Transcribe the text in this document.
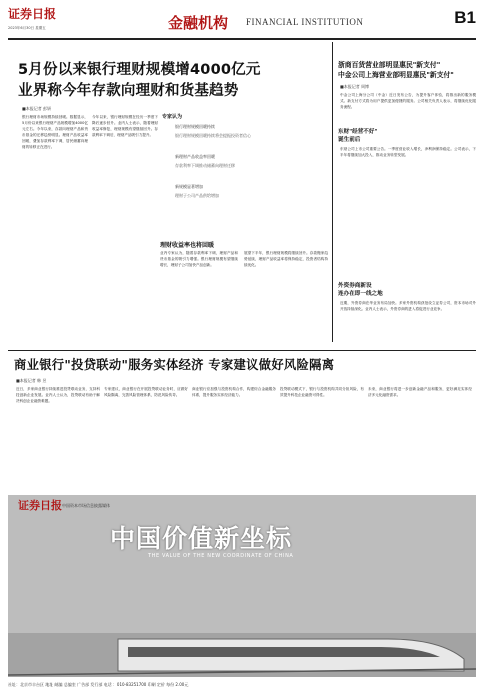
证券日报
2023年6月30日 星期五	金融机构 FINANCIAL INSTITUTION	B1
5月份以来银行理财规模增4000亿元
业界称今年存款向理财和货基趋势
■本报记者 彭妍
银行理财市场规模持续回暖。数据显示，5月份以来银行理财产品规模增加4000亿元左右。今年以来，存款向理财产品和货币基金的迁移趋势明显。理财产品收益率回暖，叠加存款利率下调，居民储蓄向理财的转移正在进行。
今年以来，银行理财规模在经历一季度下降后逐步回升。业内人士表示，随着理财收益率修复，理财规模有望继续回升。存款利率下调后，理财产品吸引力提升。
专家认为
银行理财规模回暖持续
新理财产品收益率回暖
新规模显著增加
银行理财规模回暖持续将会提振投资者信心
存款利率下调推动储蓄向理财迁移
理财子公司产品供给增加
理财收益率也将回暖
业内专家认为，随着存款利率下调，理财产品和货币基金的吸引力增强。银行理财规模有望继续增长，理财子公司加快产品创新。
展望下半年，银行理财规模将继续回升。存款搬家趋势延续，理财产品收益率将保持稳定，投资者结构持续优化。
浙商百货营业部明显惠民"新支付"
中金公司上海营业部明显惠民"新支付"
■本报记者 周博
中金公司上海分公司（中金）近日发布公告，为提升客户体验，将推出新的服务模式。新支付方式将为用户提供更加便捷的服务。公司相关负责人表示，将继续优化服务流程。
东财"经营不好"
诞生前后
东财公司上市公司重要公告。一季度营业收入增长，净利润保持稳定。公司表示，下半年将继续加大投入，推动业务转型发展。
外资券商新设
连办在即一线之地
近期，外资券商在华业务布局加快。多家外资机构获批设立证券公司，资本市场对外开放持续深化。业内人士表示，外资券商的进入将促进行业竞争。
商业银行"投贷联动"服务实体经济 专家建议做好风险隔离
■本报记者 韩 昱
近日，多家商业银行持续推进投贷联动业务，支持科技创新企业发展。业内人士认为，投贷联动有助于解决科创企业融资难题。
专家建议，商业银行在开展投贷联动业务时，应做好风险隔离，完善风险管理体系，防范风险传导。
商业银行应加强与投资机构合作，构建综合金融服务体系，提升服务实体经济能力。
投贷联动模式下，银行与投资机构共同分担风险，有效提升科技企业融资可得性。
未来，商业银行将进一步创新金融产品和服务，更好满足实体经济多元化融资需求。
证券日报 中国资本市场信息披露媒体
中国价值新坐标
THE VALUE OF THE NEW COORDINATE OF CHINA
社址：北京市丰台区 地址 邮编 总编室 广告部 发行部 电话 ：010-83251700 印刷 定价 每份 2.00元
